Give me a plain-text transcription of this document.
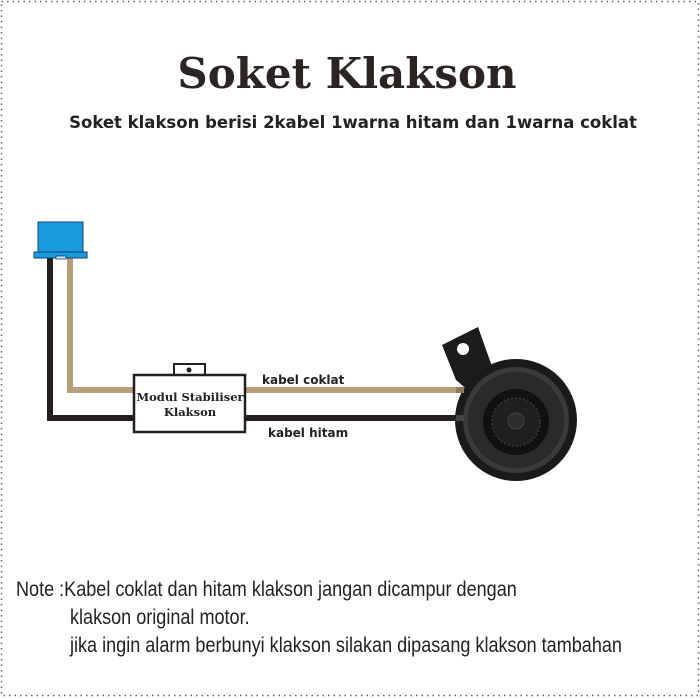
Soket Klakson
Soket klakson berisi 2kabel 1warna hitam dan 1warna coklat
Modul Stabiliser
Klakson
kabel coklat
kabel hitam
Note :Kabel coklat dan hitam klakson jangan dicampur dengan
klakson original motor.
jika ingin alarm berbunyi klakson silakan dipasang klakson tambahan
